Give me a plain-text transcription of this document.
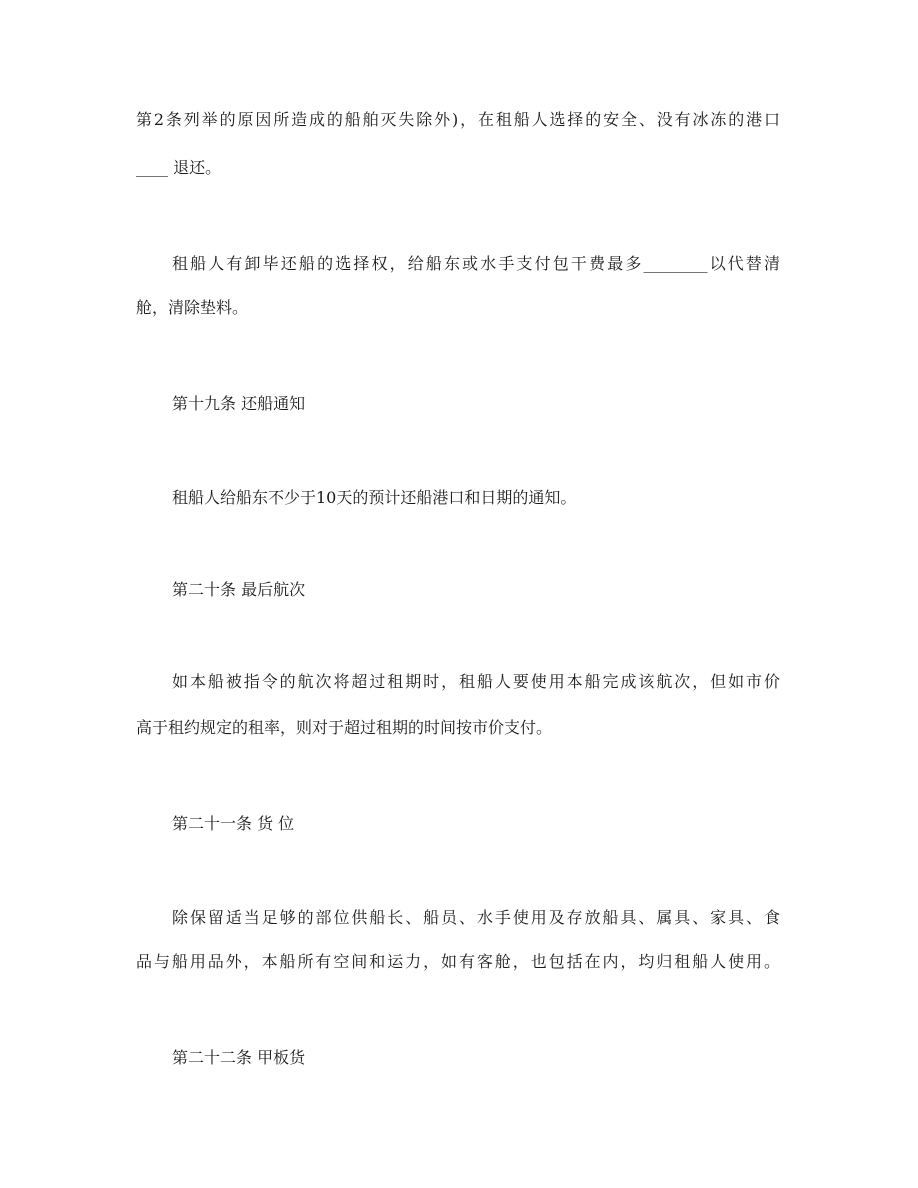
第2条列举的原因所造成的船舶灭失除外)，在租船人选择的安全、没有冰冻的港口
____ 退还。
租船人有卸毕还船的选择权，给船东或水手支付包干费最多________以代替清
舱，清除垫料。
第十九条 还船通知
租船人给船东不少于10天的预计还船港口和日期的通知。
第二十条 最后航次
如本船被指令的航次将超过租期时，租船人要使用本船完成该航次，但如市价
高于租约规定的租率，则对于超过租期的时间按市价支付。
第二十一条 货 位
除保留适当足够的部位供船长、船员、水手使用及存放船具、属具、家具、食
品与船用品外，本船所有空间和运力，如有客舱，也包括在内，均归租船人使用。
第二十二条 甲板货
